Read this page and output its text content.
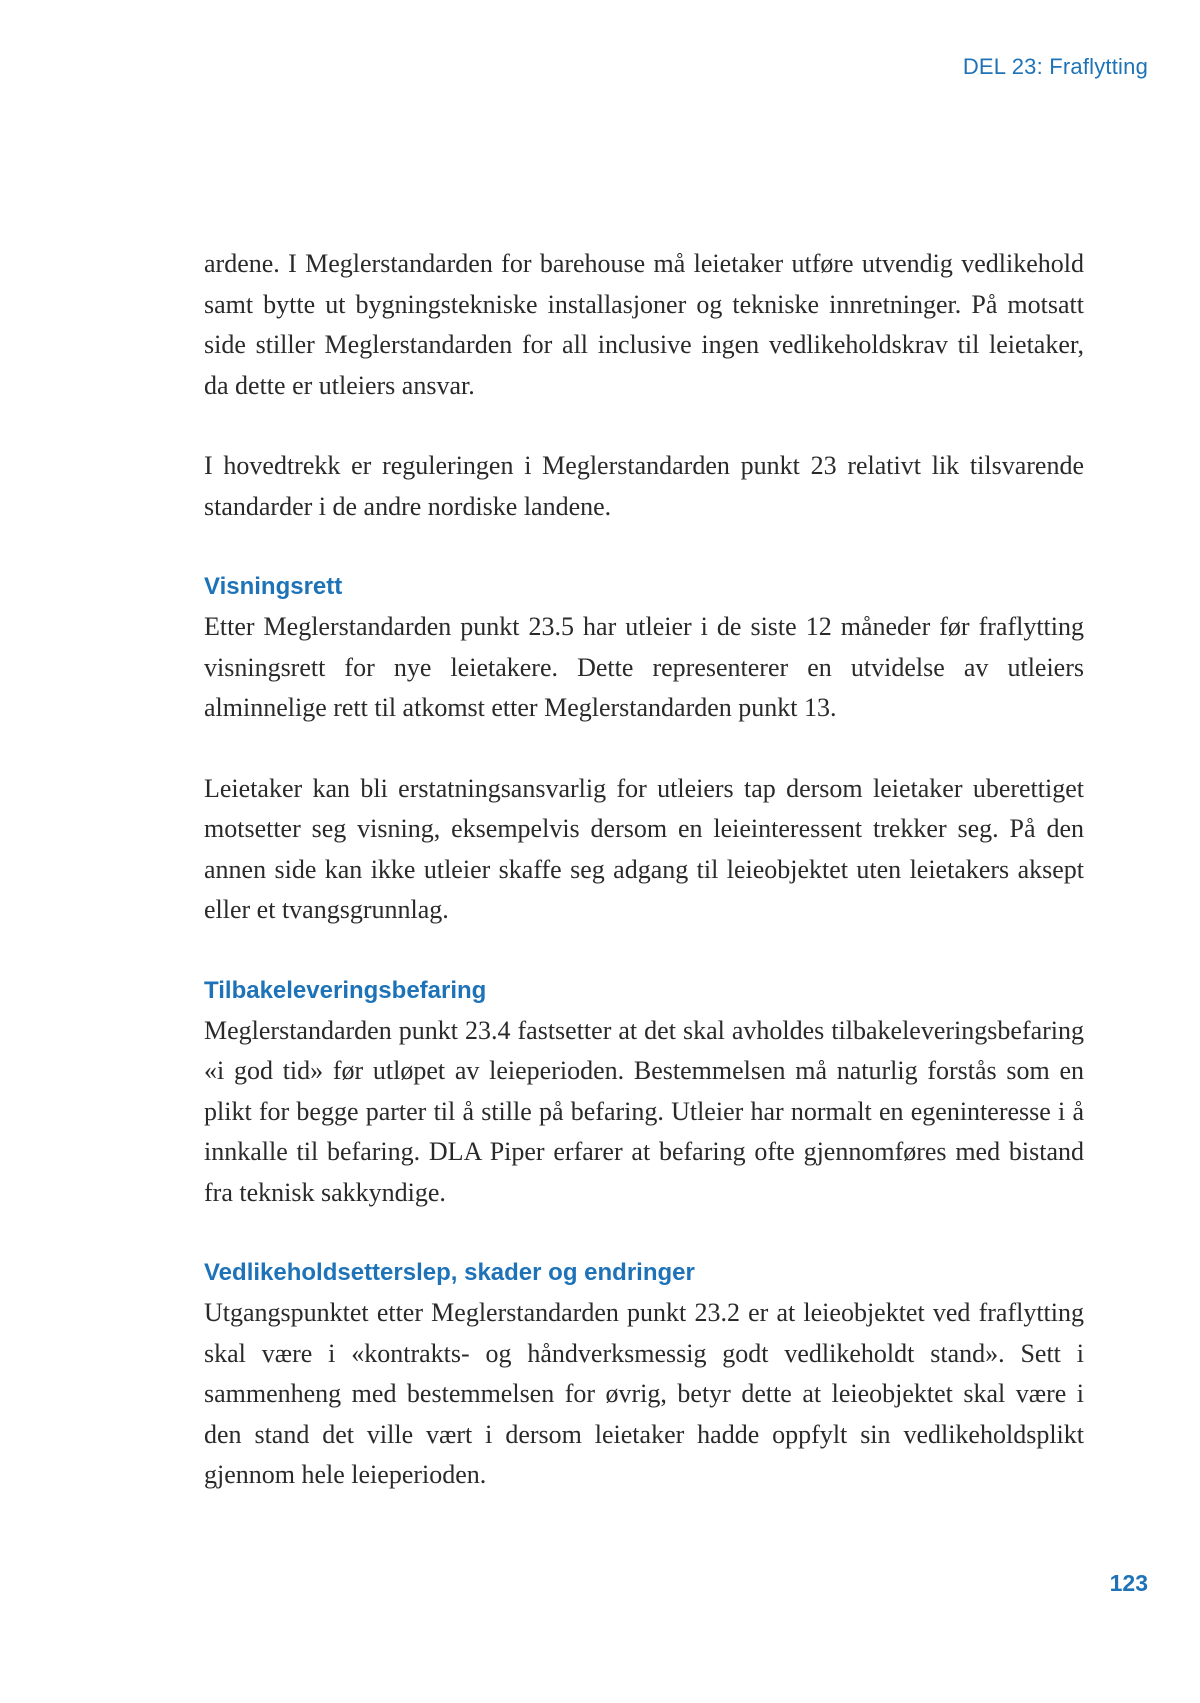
DEL 23: Fraflytting

ardene. I Meglerstandarden for barehouse må leietaker utføre utvendig vedlikehold samt bytte ut bygningstekniske installasjoner og tekniske innretninger. På motsatt side stiller Meglerstandarden for all inclusive ingen vedlikeholdskrav til leietaker, da dette er utleiers ansvar.

I hovedtrekk er reguleringen i Meglerstandarden punkt 23 relativt lik tilsvarende standarder i de andre nordiske landene.

Visningsrett

Etter Meglerstandarden punkt 23.5 har utleier i de siste 12 måneder før fraflytting visningsrett for nye leietakere. Dette representerer en utvidelse av utleiers alminnelige rett til atkomst etter Meglerstandarden punkt 13.

Leietaker kan bli erstatningsansvarlig for utleiers tap dersom leietaker uberettiget motsetter seg visning, eksempelvis dersom en leieinteressent trekker seg. På den annen side kan ikke utleier skaffe seg adgang til leieobjektet uten leietakers aksept eller et tvangsgrunnlag.

Tilbakeleveringsbefaring

Meglerstandarden punkt 23.4 fastsetter at det skal avholdes tilbakeleveringsbefaring «i god tid» før utløpet av leieperioden. Bestemmelsen må naturlig forstås som en plikt for begge parter til å stille på befaring. Utleier har normalt en egeninteresse i å innkalle til befaring. DLA Piper erfarer at befaring ofte gjennomføres med bistand fra teknisk sakkyndige.

Vedlikeholdsetterslep, skader og endringer

Utgangspunktet etter Meglerstandarden punkt 23.2 er at leieobjektet ved fraflytting skal være i «kontrakts- og håndverksmessig godt vedlikeholdt stand». Sett i sammenheng med bestemmelsen for øvrig, betyr dette at leieobjektet skal være i den stand det ville vært i dersom leietaker hadde oppfylt sin vedlikeholdsplikt gjennom hele leieperioden.

123
